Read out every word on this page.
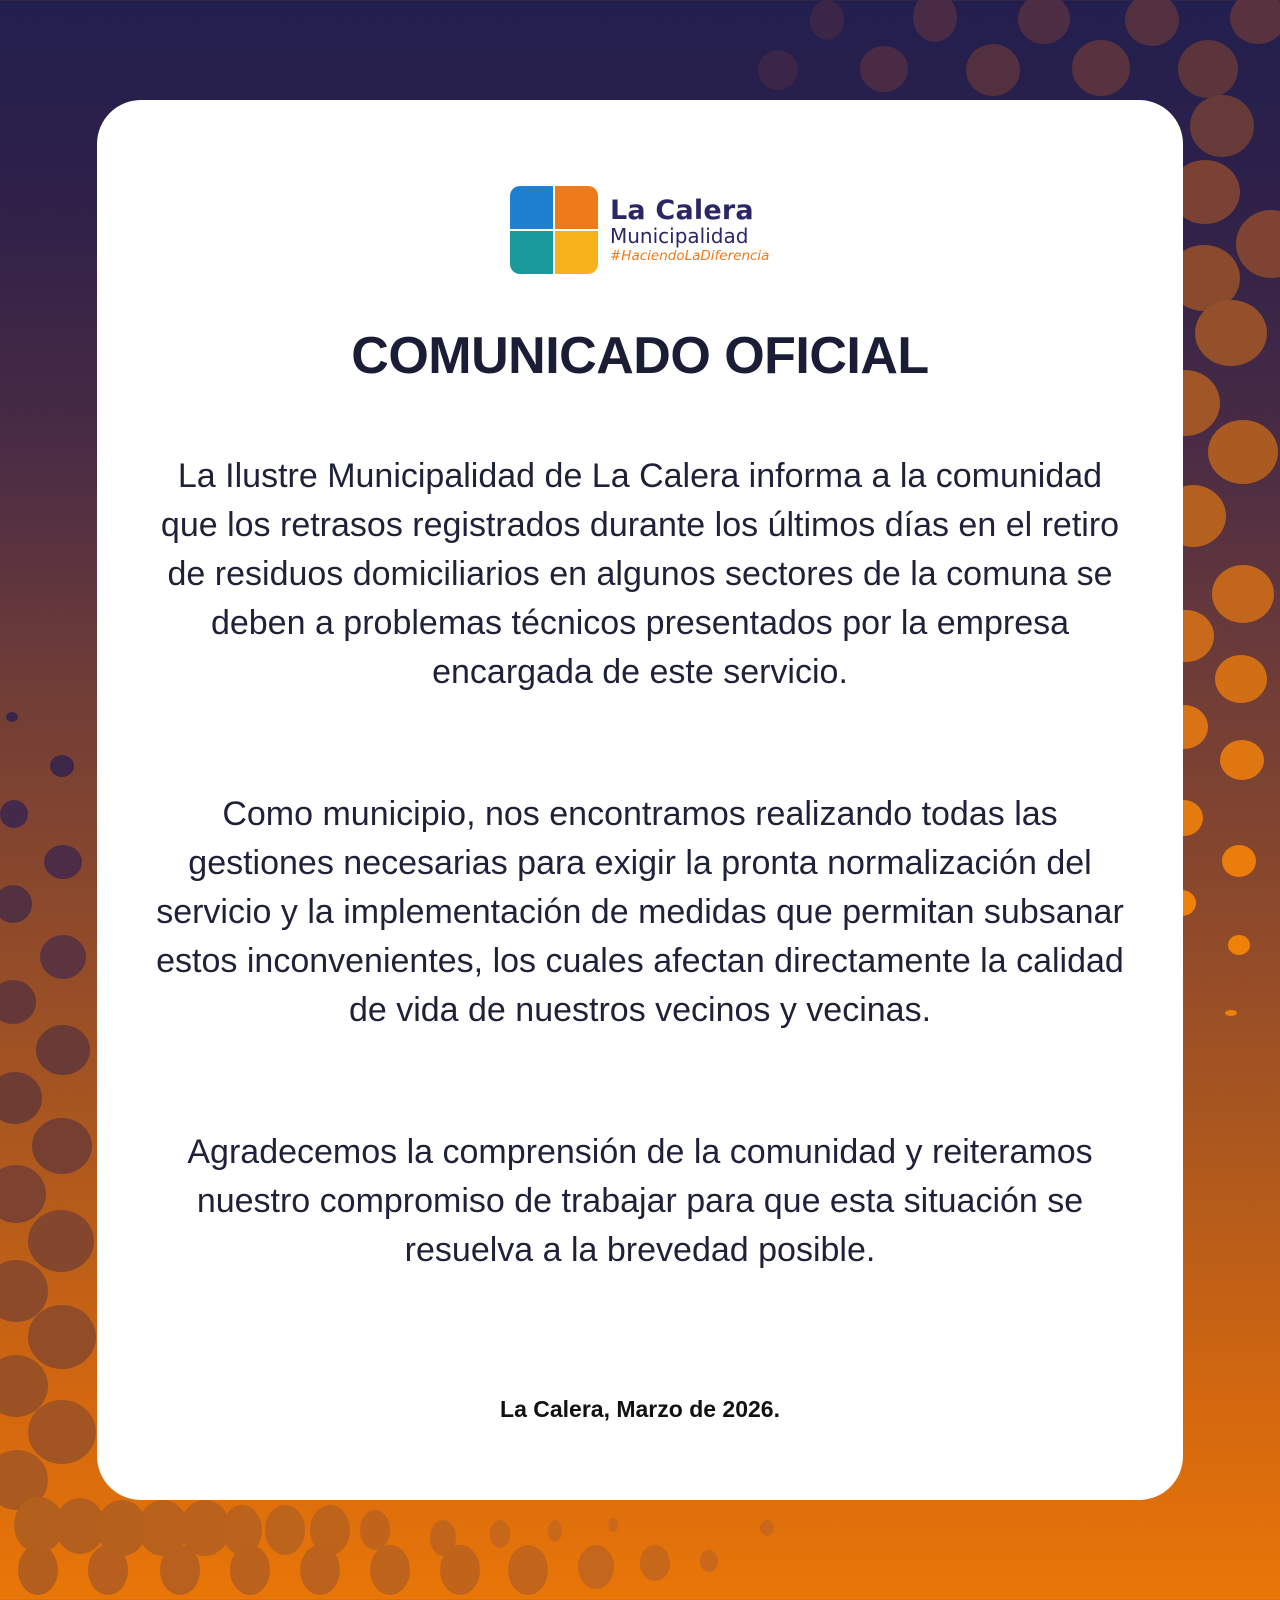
La Calera
Municipalidad
#HaciendoLaDiferencia
COMUNICADO OFICIAL

La Ilustre Municipalidad de La Calera informa a la comunidad que los retrasos registrados durante los últimos días en el retiro de residuos domiciliarios en algunos sectores de la comuna se deben a problemas técnicos presentados por la empresa encargada de este servicio.

Como municipio, nos encontramos realizando todas las gestiones necesarias para exigir la pronta normalización del servicio y la implementación de medidas que permitan subsanar estos inconvenientes, los cuales afectan directamente la calidad de vida de nuestros vecinos y vecinas.

Agradecemos la comprensión de la comunidad y reiteramos nuestro compromiso de trabajar para que esta situación se resuelva a la brevedad posible.

La Calera, Marzo de 2026.
